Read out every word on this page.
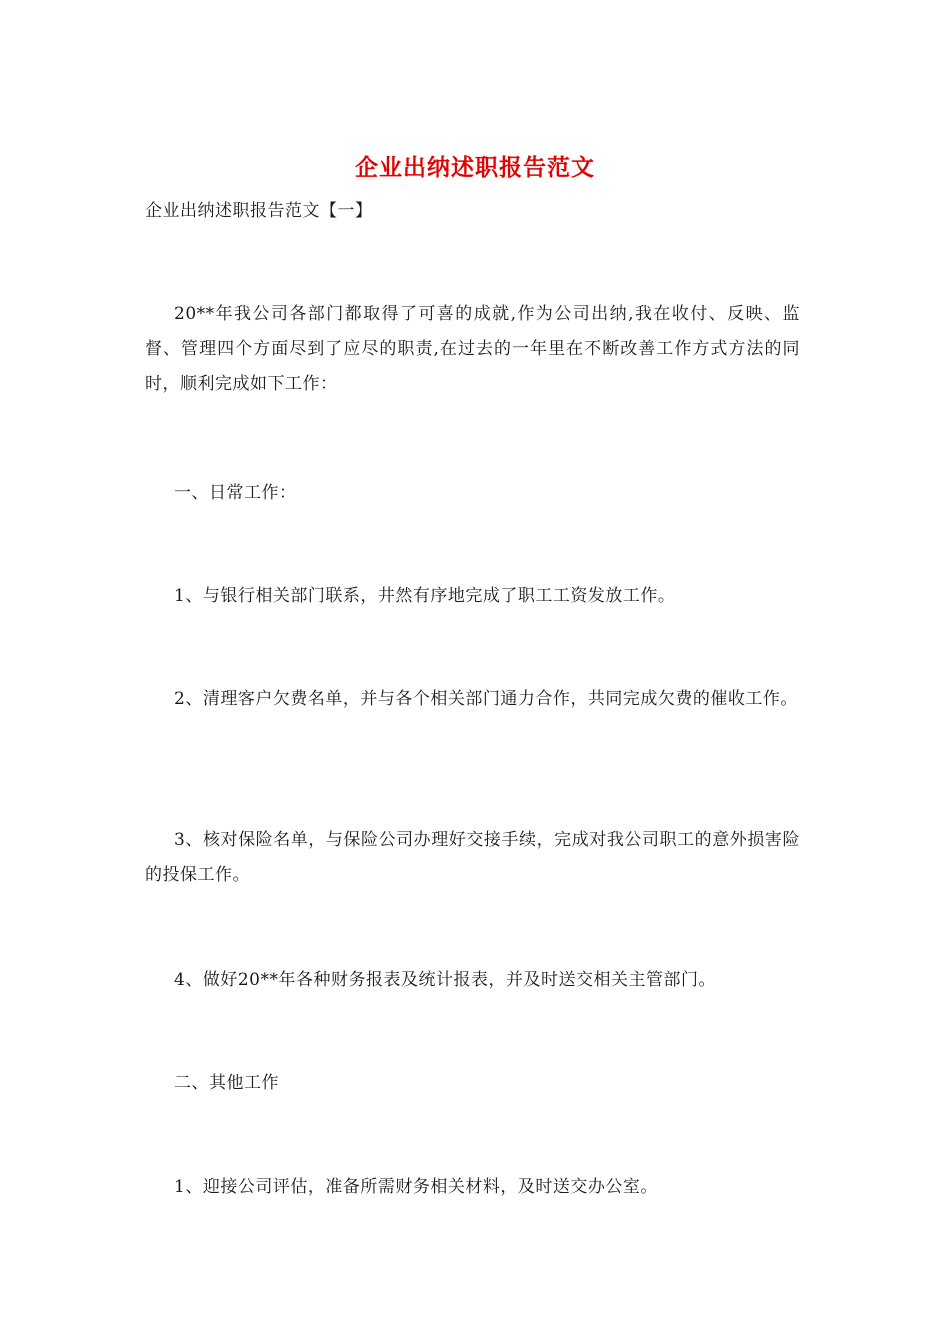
企业出纳述职报告范文
企业出纳述职报告范文【一】
20**年我公司各部门都取得了可喜的成就,作为公司出纳,我在收付、反映、监督、管理四个方面尽到了应尽的职责,在过去的一年里在不断改善工作方式方法的同时，顺利完成如下工作：
一、日常工作：
1、与银行相关部门联系，井然有序地完成了职工工资发放工作。
2、清理客户欠费名单，并与各个相关部门通力合作，共同完成欠费的催收工作。
3、核对保险名单，与保险公司办理好交接手续，完成对我公司职工的意外损害险的投保工作。
4、做好20**年各种财务报表及统计报表，并及时送交相关主管部门。
二、其他工作
1、迎接公司评估，准备所需财务相关材料，及时送交办公室。
